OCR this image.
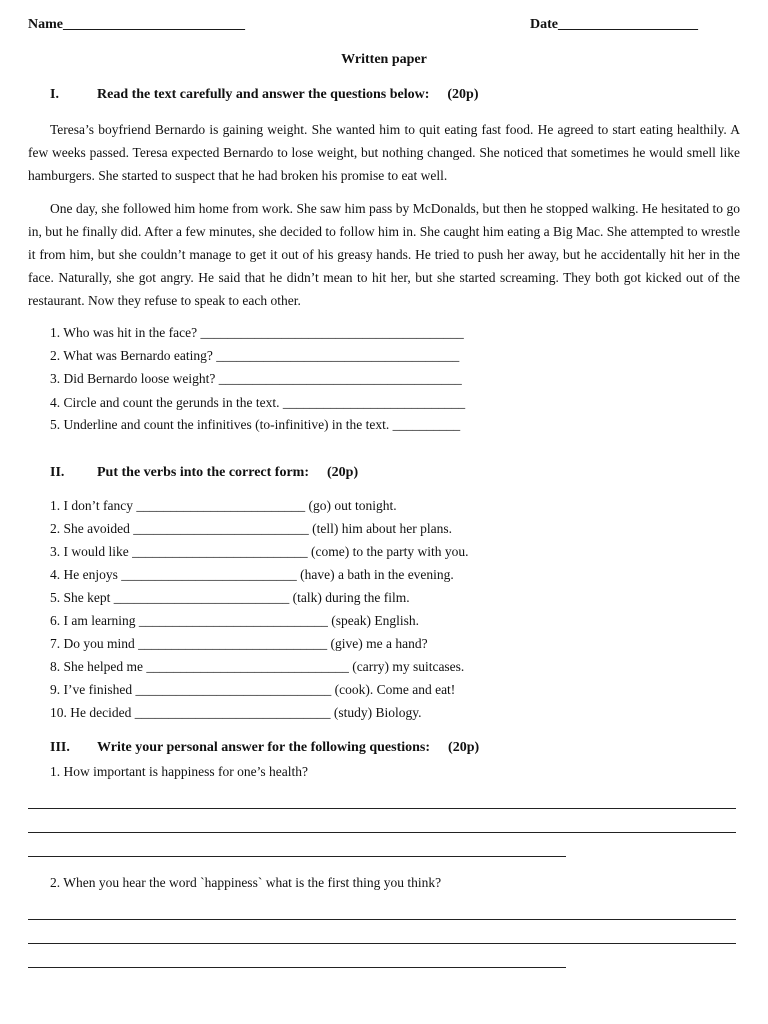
Name__________________________	Date____________________
Written paper
I.	Read the text carefully and answer the questions below: (20p)
Teresa’s boyfriend Bernardo is gaining weight. She wanted him to quit eating fast food. He agreed to start eating healthily. A few weeks passed. Teresa expected Bernardo to lose weight, but nothing changed. She noticed that sometimes he would smell like hamburgers. She started to suspect that he had broken his promise to eat well.
One day, she followed him home from work. She saw him pass by McDonalds, but then he stopped walking. He hesitated to go in, but he finally did. After a few minutes, she decided to follow him in. She caught him eating a Big Mac. She attempted to wrestle it from him, but she couldn’t manage to get it out of his greasy hands. He tried to push her away, but he accidentally hit her in the face. Naturally, she got angry. He said that he didn’t mean to hit her, but she started screaming. They both got kicked out of the restaurant. Now they refuse to speak to each other.
1. Who was hit in the face? _______________________________________
2. What was Bernardo eating? ____________________________________
3. Did Bernardo loose weight? ____________________________________
4. Circle and count the gerunds in the text. ___________________________
5. Underline and count the infinitives (to-infinitive) in the text. __________
II. Put the verbs into the correct form: (20p)
1. I don’t fancy _________________________ (go) out tonight.
2. She avoided __________________________ (tell) him about her plans.
3. I would like __________________________ (come) to the party with you.
4. He enjoys __________________________ (have) a bath in the evening.
5. She kept __________________________ (talk) during the film.
6. I am learning ____________________________ (speak) English.
7. Do you mind ____________________________ (give) me a hand?
8. She helped me ______________________________ (carry) my suitcases.
9. I’ve finished _____________________________ (cook). Come and eat!
10. He decided _____________________________ (study) Biology.
III. Write your personal answer for the following questions: (20p)
1. How important is happiness for one’s health?
2. When you hear the word `happiness` what is the first thing you think?
